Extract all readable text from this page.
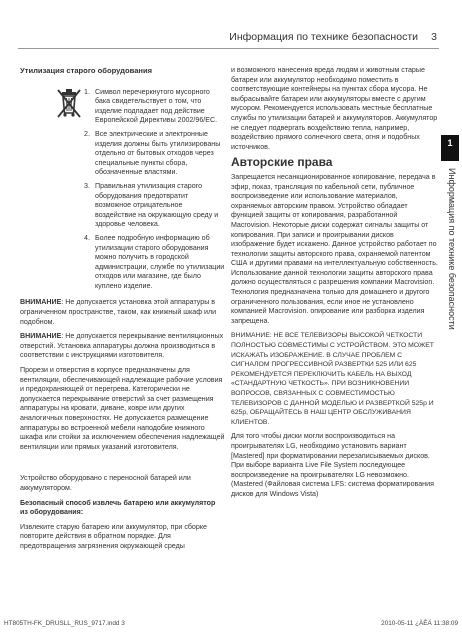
Информация по технике безопасности 3
Утилизация старого оборудования
1. Символ перечеркнутого мусорного бака свидетельствует о том, что изделие подпадает под действие Европейской Директивы 2002/96/EC.
2. Все электрические и электронные изделия должны быть утилизированы отдельно от бытовых отходов через специальные пункты сбора, обозначенные властями.
3. Правильная утилизация старого оборудования предотвратит возможное отрицательное воздействие на окружающую среду и здоровье человека.
4. Более подробную информацию об утилизации старого оборудования можно получить в городской администрации, службе по утилизации отходов или магазине, где было куплено изделие.

ВНИМАНИЕ: Не допускается установка этой аппаратуры в ограниченном пространстве, таком, как книжный шкаф или подобном.

ВНИМАНИЕ: Не допускается перекрывание вентиляционных отверстий. Установка аппаратуры должна производиться в соответствии с инструкциями изготовителя.

Прорези и отверстия в корпусе предназначены для вентиляции, обеспечивающей надлежащие рабочие условия и предохраняющей от перегрева. Категорически не допускается перекрывание отверстий за счет размещения аппаратуры на кровати, диване, ковре или других аналогичных поверхностях. Не допускается размещение аппаратуры во встроенной мебели наподобие книжного шкафа или стойки за исключением обеспечения надлежащей вентиляции или прямых указаний изготовителя.

Устройство оборудовано с переносной батарей или аккумулятором.

Безопасный способ извлечь батарею или аккумулятор из оборудования:

Извлеките старую батарею или аккумулятор, при сборке повторите действия в обратном порядке. Для предотвращения загрязнения окружающей среды

и возможного нанесения вреда людям и животным старые батареи или аккумулятор необходимо поместить в соответствующие контейнеры на пунктах сбора мусора. Не выбрасывайте батареи или аккумуляторы вместе с другим мусором. Рекомендуется использовать местные бесплатные службы по утилизации батарей и аккумуляторов. Аккумулятор не следует подвергать воздействию тепла, например, воздействию прямого солнечного света, огня и подобных источников.

Авторские права

Запрещается несанкционированное копирование, передача в эфир, показ, трансляция по кабельной сети, публичное воспроизведение или использование материалов, охраняемых авторским правом. Устройство обладает функцией защиты от копирования, разработанной Macrovision. Некоторые диски содержат сигналы защиты от копирования. При записи и проигрывании дисков изображение будет искажено. Данное устройство работает по технологии защиты авторского права, охраняемой патентом США и другими правами на интеллектуальную собственность. Использование данной технологии защиты авторского права должно осуществляться с разрешения компании Macrovision. Технология предназначена только для домашнего и другого ограниченного пользования, если иное не установлено компанией Macrovision. опирование или разборка изделия запрещена.

ВНИМАНИЕ: НЕ ВСЕ ТЕЛЕВИЗОРЫ ВЫСОКОЙ ЧЕТКОСТИ ПОЛНОСТЬЮ СОВМЕСТИМЫ С УСТРОЙСТВОМ. ЭТО МОЖЕТ ИСКАЖАТЬ ИЗОБРАЖЕНИЕ. В СЛУЧАЕ ПРОБЛЕМ С СИГНАЛОМ ПРОГРЕССИВНОЙ РАЗВЕРТКИ 525 ИЛИ 625 РЕКОМЕНДУЕТСЯ ПЕРЕКЛЮЧИТЬ КАБЕЛЬ НА ВЫХОД «СТАНДАРТНУЮ ЧЕТКОСТЬ». ПРИ ВОЗНИКНОВЕНИИ ВОПРОСОВ, СВЯЗАННЫХ С СОВМЕСТИМОСТЬЮ ТЕЛЕВИЗОРОВ С ДАННОЙ МОДЕЛЬЮ И РАЗВЕРТКОЙ 525p И 625p, ОБРАЩАЙТЕСЬ В НАШ ЦЕНТР ОБСЛУЖИВАНИЯ КЛИЕНТОВ.

Для того чтобы диски могли воспроизводиться на проигрывателях LG, необходимо установить вариант [Mastered] при форматировании перезаписываемых дисков. При выборе варианта Live File System последующее воспроизведение на проигрывателях LG невозможно. (Mastered (Файловая система LFS: система форматирования дисков для Windows Vista)

1
Информация по технике безопасности
HT805TH-FK_DRUSLL_RUS_9717.indd 3	2010-05-11 ¿ÀÈÄ 11:38:09
